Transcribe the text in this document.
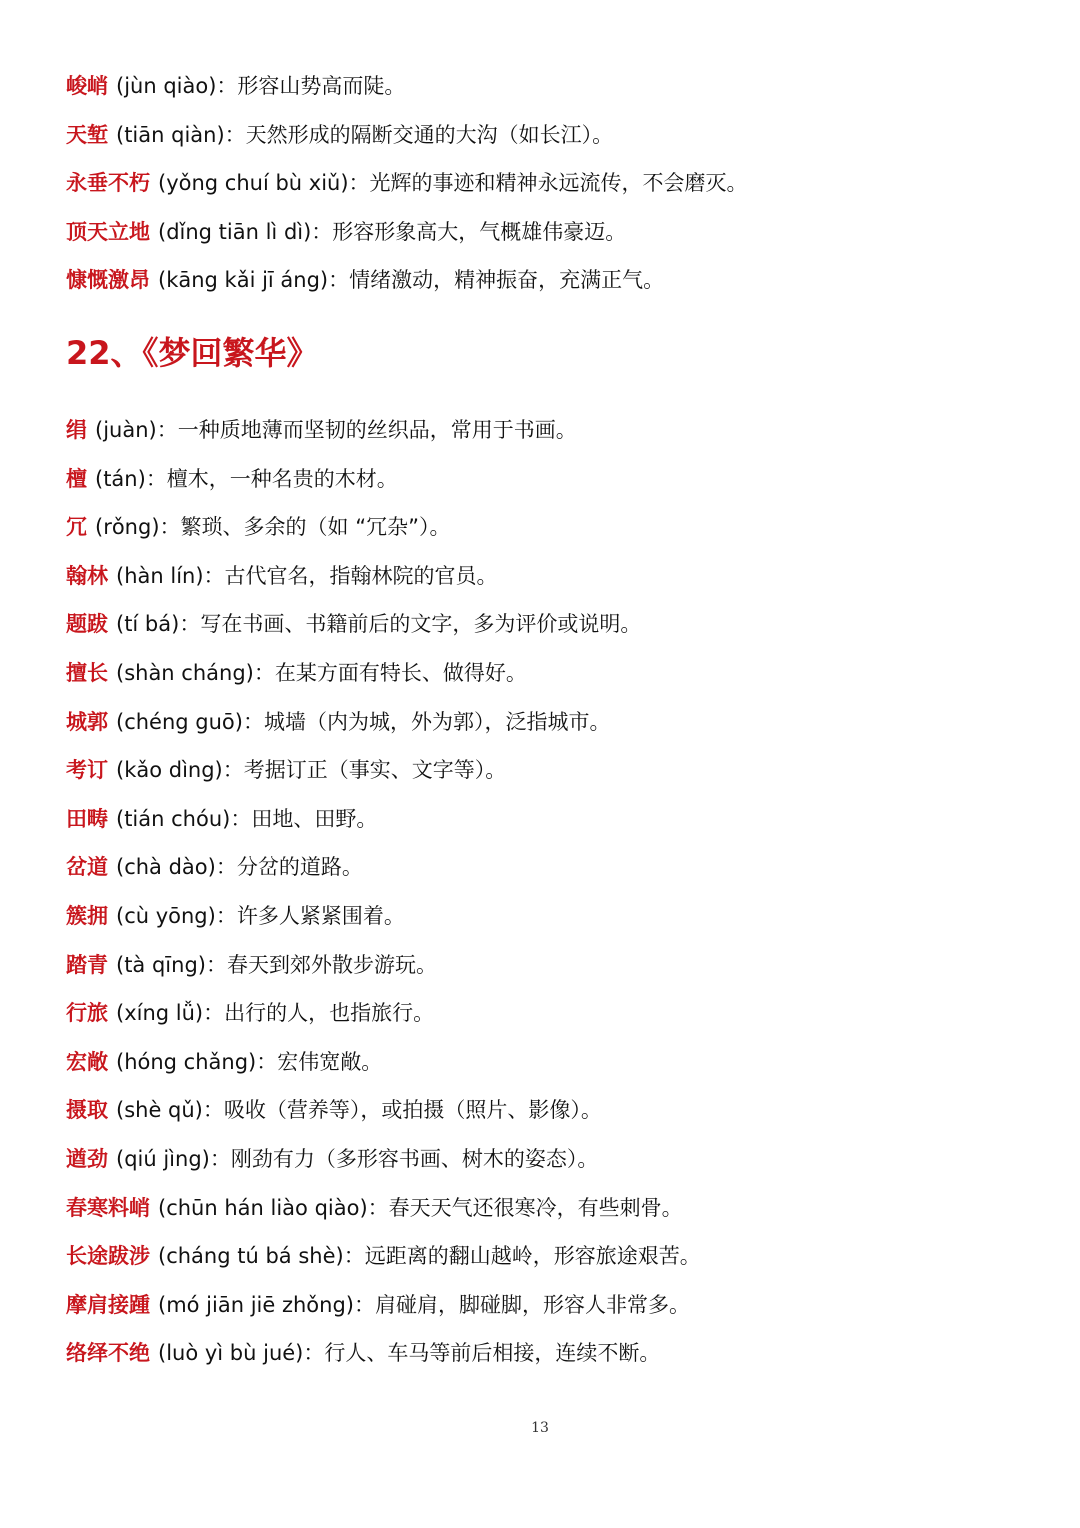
峻峭 (jùn qiào)：形容山势高而陡。
天堑 (tiān qiàn)：天然形成的隔断交通的大沟（如长江）。
永垂不朽 (yǒng chuí bù xiǔ)：光辉的事迹和精神永远流传，不会磨灭。
顶天立地 (dǐng tiān lì dì)：形容形象高大，气概雄伟豪迈。
慷慨激昂 (kāng kǎi jī áng)：情绪激动，精神振奋，充满正气。
22、《梦回繁华》
绢 (juàn)：一种质地薄而坚韧的丝织品，常用于书画。
檀 (tán)：檀木，一种名贵的木材。
冗 (rǒng)：繁琐、多余的（如 “冗杂”）。
翰林 (hàn lín)：古代官名，指翰林院的官员。
题跋 (tí bá)：写在书画、书籍前后的文字，多为评价或说明。
擅长 (shàn cháng)：在某方面有特长、做得好。
城郭 (chéng guō)：城墙（内为城，外为郭），泛指城市。
考订 (kǎo dìng)：考据订正（事实、文字等）。
田畴 (tián chóu)：田地、田野。
岔道 (chà dào)：分岔的道路。
簇拥 (cù yōng)：许多人紧紧围着。
踏青 (tà qīng)：春天到郊外散步游玩。
行旅 (xíng lǚ)：出行的人，也指旅行。
宏敞 (hóng chǎng)：宏伟宽敞。
摄取 (shè qǔ)：吸收（营养等），或拍摄（照片、影像）。
遒劲 (qiú jìng)：刚劲有力（多形容书画、树木的姿态）。
春寒料峭 (chūn hán liào qiào)：春天天气还很寒冷，有些刺骨。
长途跋涉 (cháng tú bá shè)：远距离的翻山越岭，形容旅途艰苦。
摩肩接踵 (mó jiān jiē zhǒng)：肩碰肩，脚碰脚，形容人非常多。
络绎不绝 (luò yì bù jué)：行人、车马等前后相接，连续不断。
13
